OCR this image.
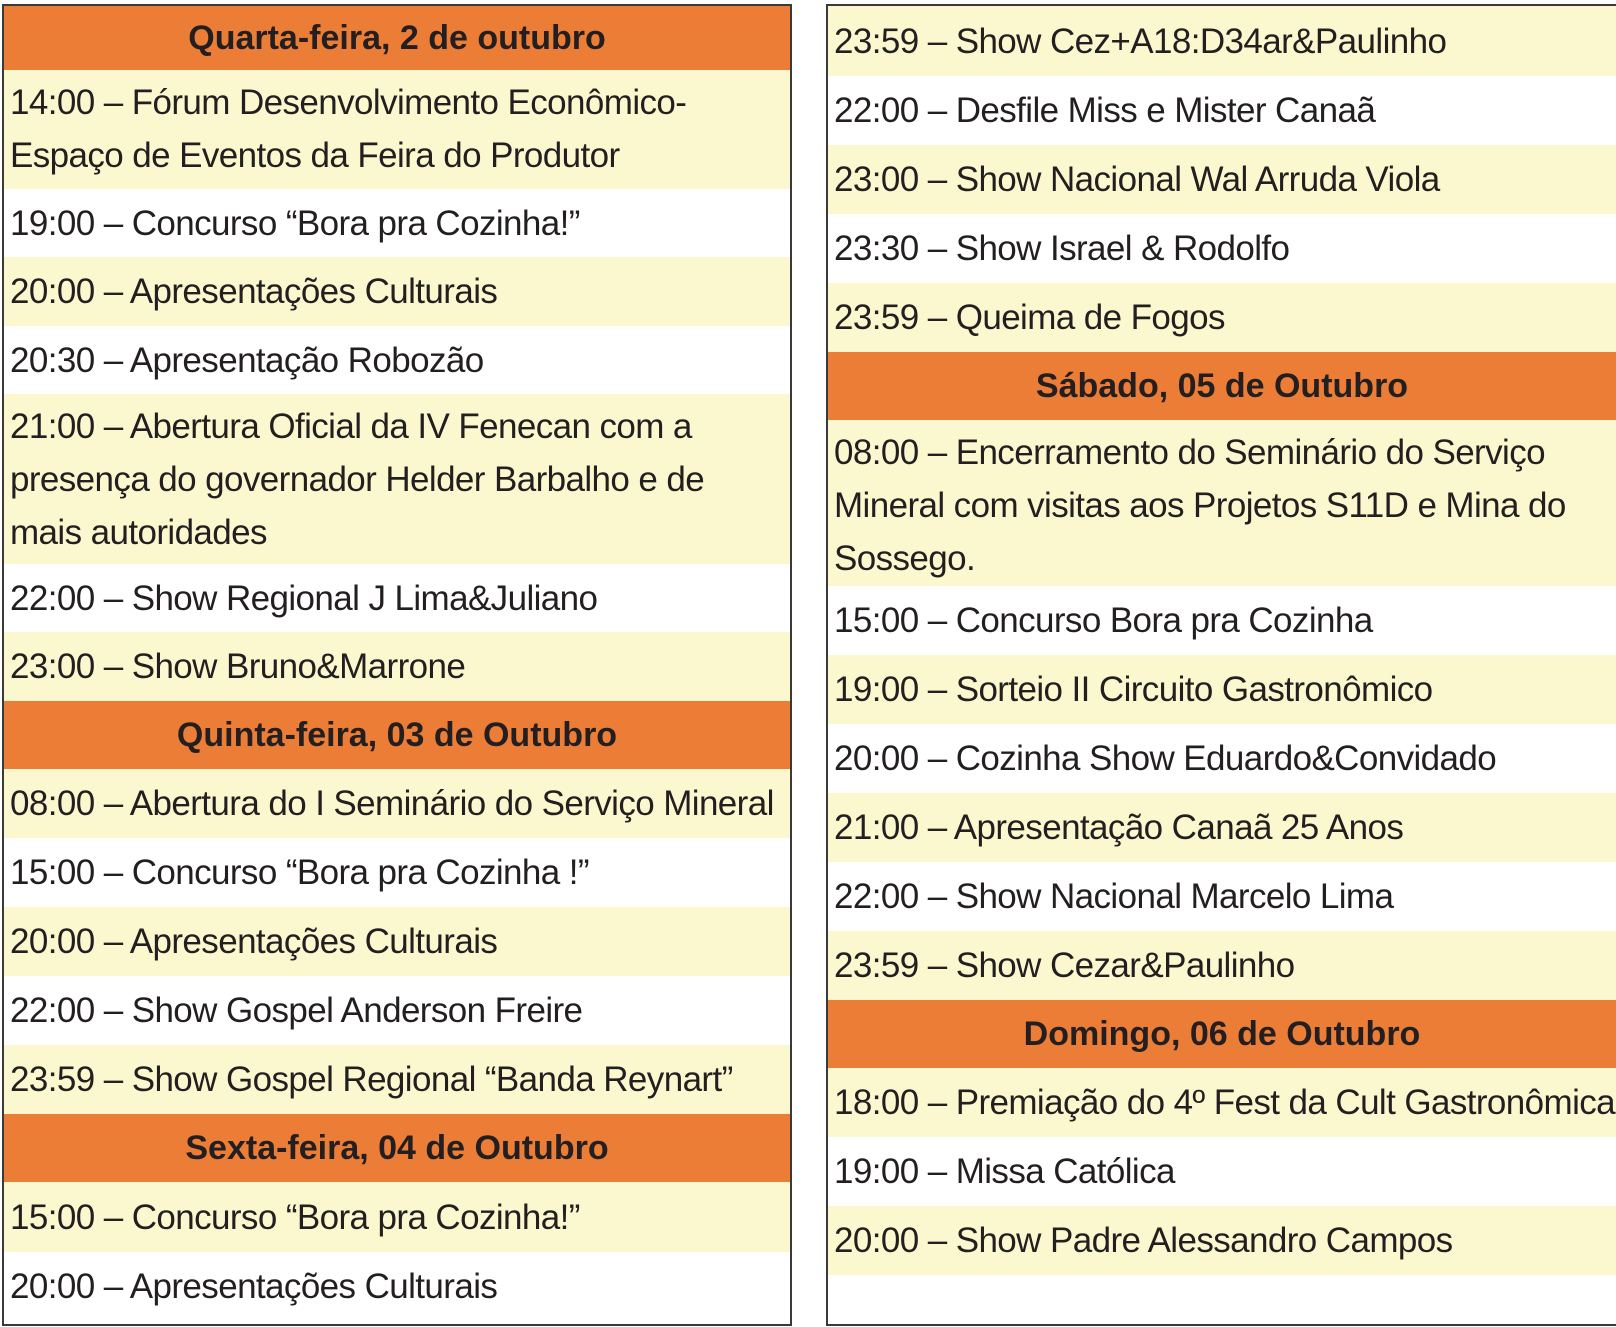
Quarta-feira, 2 de outubro
14:00 – Fórum Desenvolvimento Econômico-Espaço de Eventos da Feira do Produtor
19:00 – Concurso “Bora pra Cozinha!”
20:00 – Apresentações Culturais
20:30 – Apresentação Robozão
21:00 – Abertura Oficial da IV Fenecan com a presença do governador Helder Barbalho e de mais autoridades
22:00 – Show Regional J Lima&Juliano
23:00 – Show Bruno&Marrone
Quinta-feira, 03 de Outubro
08:00 – Abertura do I Seminário do Serviço Mineral
15:00 – Concurso “Bora pra Cozinha !”
20:00 – Apresentações Culturais
22:00 – Show Gospel Anderson Freire
23:59 – Show Gospel Regional “Banda Reynart”
Sexta-feira, 04 de Outubro
15:00 – Concurso “Bora pra Cozinha!”
20:00 – Apresentações Culturais
23:59 – Show Cez+A18:D34ar&Paulinho
22:00 – Desfile Miss e Mister Canaã
23:00 – Show Nacional Wal Arruda Viola
23:30 – Show Israel & Rodolfo
23:59 – Queima de Fogos
Sábado, 05 de Outubro
08:00 – Encerramento do Seminário do Serviço Mineral com visitas aos Projetos S11D e Mina do Sossego.
15:00 – Concurso Bora pra Cozinha
19:00 – Sorteio II Circuito Gastronômico
20:00 – Cozinha Show Eduardo&Convidado
21:00 – Apresentação Canaã 25 Anos
22:00 – Show Nacional Marcelo Lima
23:59 – Show Cezar&Paulinho
Domingo, 06 de Outubro
18:00 – Premiação do 4º Fest da Cult Gastronômica
19:00 – Missa Católica
20:00 – Show Padre Alessandro Campos
